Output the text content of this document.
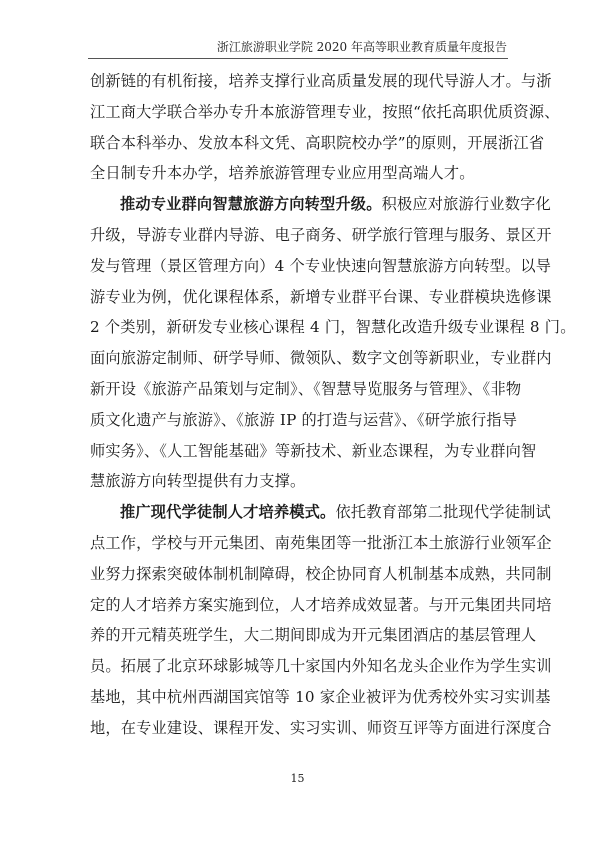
浙江旅游职业学院 2020 年高等职业教育质量年度报告
创新链的有机衔接，培养支撑行业高质量发展的现代导游人才。与浙
江工商大学联合举办专升本旅游管理专业，按照“依托高职优质资源、
联合本科举办、发放本科文凭、高职院校办学”的原则，开展浙江省
全日制专升本办学，培养旅游管理专业应用型高端人才。
推动专业群向智慧旅游方向转型升级。积极应对旅游行业数字化
升级，导游专业群内导游、电子商务、研学旅行管理与服务、景区开
发与管理（景区管理方向）4 个专业快速向智慧旅游方向转型。以导
游专业为例，优化课程体系，新增专业群平台课、专业群模块选修课
2 个类别，新研发专业核心课程 4 门，智慧化改造升级专业课程 8 门。
面向旅游定制师、研学导师、微领队、数字文创等新职业，专业群内
新开设《旅游产品策划与定制》、《智慧导览服务与管理》、《非物
质文化遗产与旅游》、《旅游 IP 的打造与运营》、《研学旅行指导
师实务》、《人工智能基础》等新技术、新业态课程，为专业群向智
慧旅游方向转型提供有力支撑。
推广现代学徒制人才培养模式。依托教育部第二批现代学徒制试
点工作，学校与开元集团、南苑集团等一批浙江本土旅游行业领军企
业努力探索突破体制机制障碍，校企协同育人机制基本成熟，共同制
定的人才培养方案实施到位，人才培养成效显著。与开元集团共同培
养的开元精英班学生，大二期间即成为开元集团酒店的基层管理人
员。拓展了北京环球影城等几十家国内外知名龙头企业作为学生实训
基地，其中杭州西湖国宾馆等 10 家企业被评为优秀校外实习实训基
地，在专业建设、课程开发、实习实训、师资互评等方面进行深度合
15
